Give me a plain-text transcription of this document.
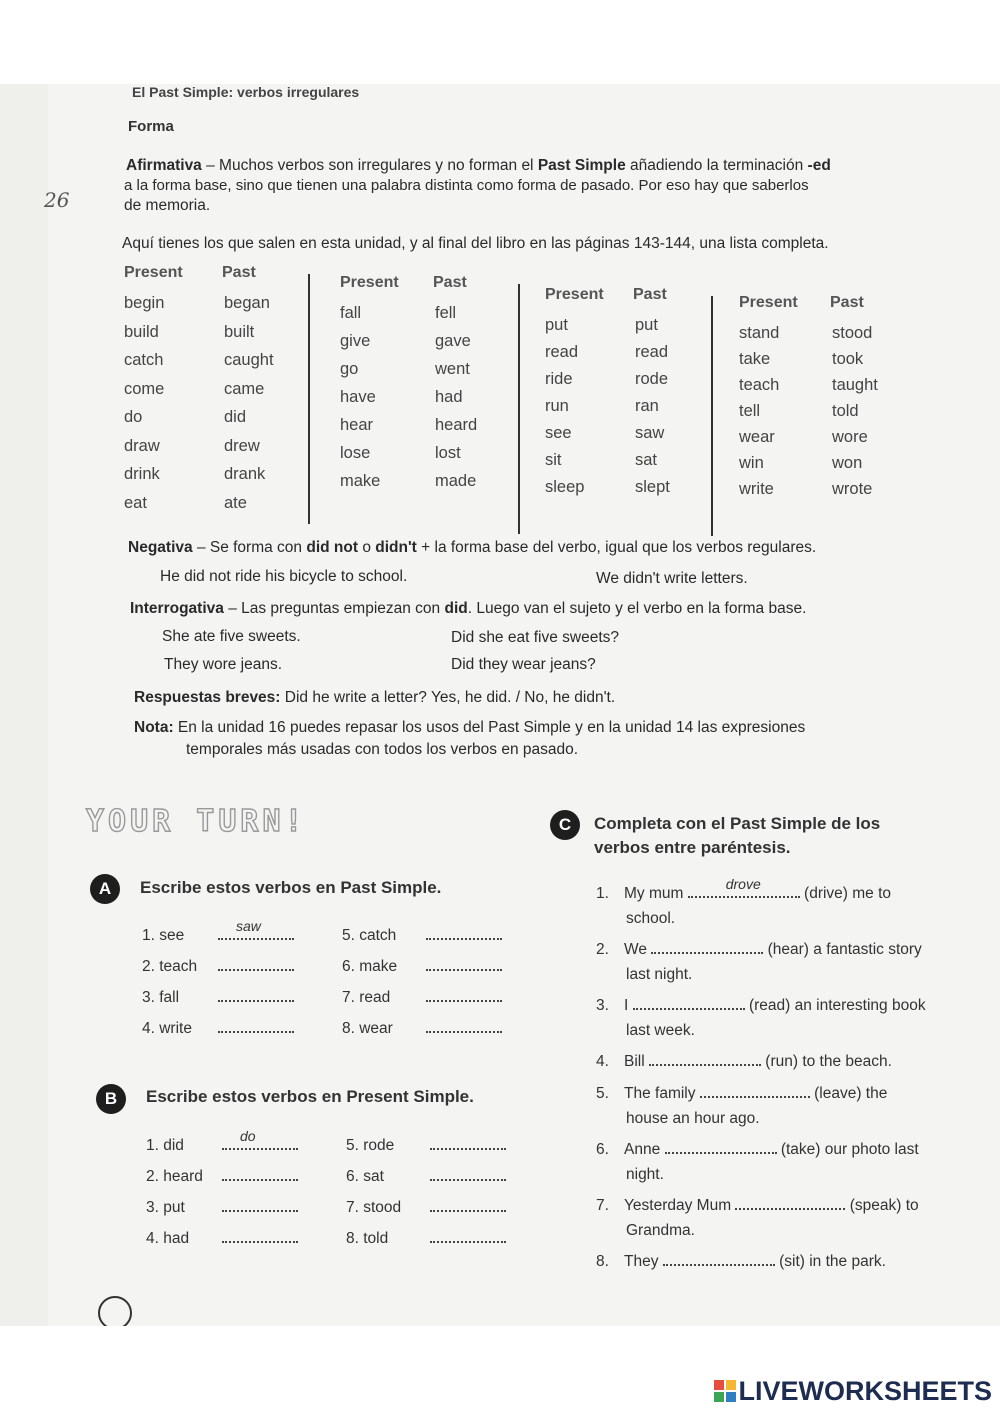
El Past Simple: verbos irregulares
Forma
26
Afirmativa – Muchos verbos son irregulares y no forman el Past Simple añadiendo la terminación -ed
a la forma base, sino que tienen una palabra distinta como forma de pasado. Por eso hay que saberlos
de memoria.
Aquí tienes los que salen en esta unidad, y al final del libro en las páginas 143-144, una lista completa.
Present Past
begin	began
build	built
catch	caught
come	came
do	did
draw	drew
drink	drank
eat	ate
Present Past
fall	fell
give	gave
go	went
have	had
hear	heard
lose	lost
make	made
Present Past
put	put
read	read
ride	rode
run	ran
see	saw
sit	sat
sleep	slept
Present Past
stand	stood
take	took
teach	taught
tell	told
wear	wore
win	won
write	wrote
Negativa – Se forma con did not o didn't + la forma base del verbo, igual que los verbos regulares.
He did not ride his bicycle to school.	We didn't write letters.
Interrogativa – Las preguntas empiezan con did. Luego van el sujeto y el verbo en la forma base.
She ate five sweets.	Did she eat five sweets?
They wore jeans.	Did they wear jeans?
Respuestas breves: Did he write a letter? Yes, he did. / No, he didn't.
Nota: En la unidad 16 puedes repasar los usos del Past Simple y en la unidad 14 las expresiones
temporales más usadas con todos los verbos en pasado.
YOUR TURN!
A	Escribe estos verbos en Past Simple.
1. see
saw
2. teach
3. fall
4. write
5. catch
6. make
7. read
8. wear
B	Escribe estos verbos en Present Simple.
1. did
do
2. heard
3. put
4. had
5. rode
6. sat
7. stood
8. told
C	Completa con el Past Simple de los
verbos entre paréntesis.
1. My mum
drove
(drive) me to
school.
2. We	(hear) a fantastic story
last night.
3. I	(read) an interesting book
last week.
4. Bill	(run) to the beach.
5. The family	(leave) the
house an hour ago.
6. Anne	(take) our photo last
night.
7. Yesterday Mum	(speak) to
Grandma.
8. They	(sit) in the park.
LIVEWORKSHEETS
